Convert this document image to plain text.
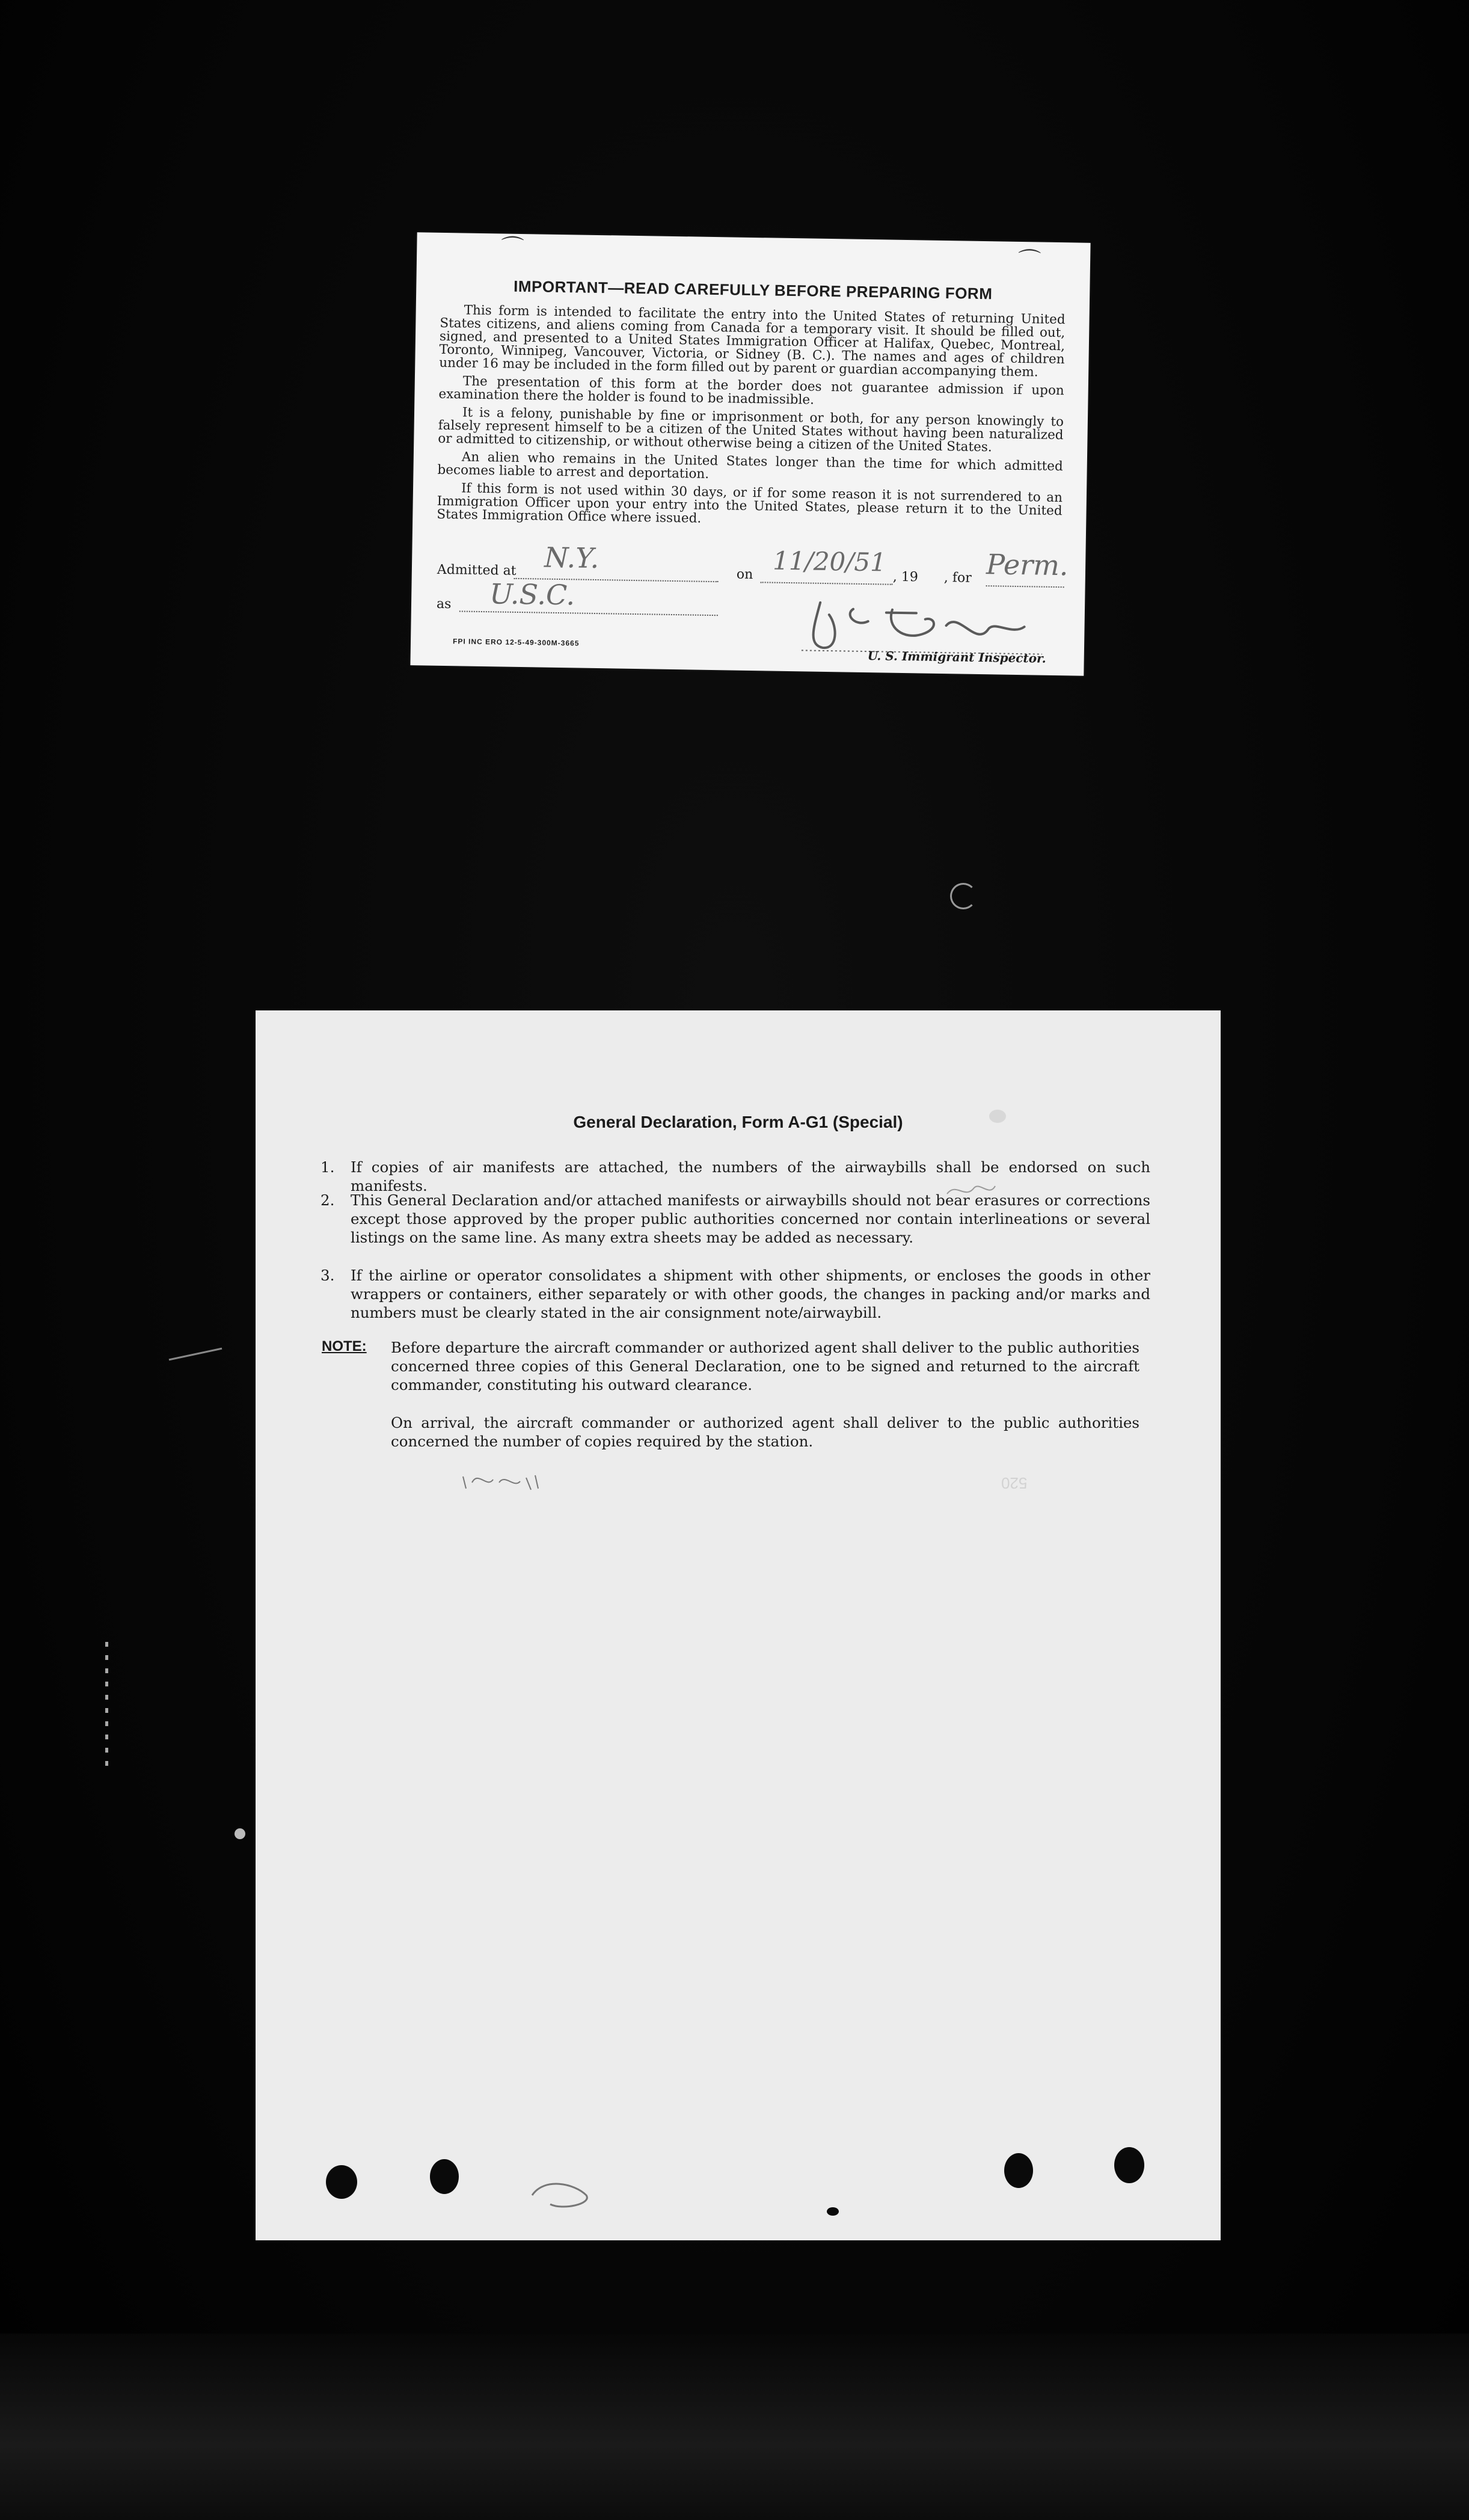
⌒	⌒
IMPORTANT—READ CAREFULLY BEFORE PREPARING FORM

This form is intended to facilitate the entry into the United States of returning United States citizens, and aliens coming from Canada for a temporary visit. It should be filled out, signed, and presented to a United States Immigration Officer at Halifax, Quebec, Montreal, Toronto, Winnipeg, Vancouver, Victoria, or Sidney (B. C.). The names and ages of children under 16 may be included in the form filled out by parent or guardian accompanying them.

The presentation of this form at the border does not guarantee admission if upon examination there the holder is found to be inadmissible.

It is a felony, punishable by fine or imprisonment or both, for any person knowingly to falsely represent himself to be a citizen of the United States without having been naturalized or admitted to citizenship, or without otherwise being a citizen of the United States.

An alien who remains in the United States longer than the time for which admitted becomes liable to arrest and deportation.

If this form is not used within 30 days, or if for some reason it is not surrendered to an Immigration Officer upon your entry into the United States, please return it to the United States Immigration Office where issued.

Admitted at N.Y.
on 11/20/51
, 19 , for Perm.
as U.S.C.
U. S. Immigrant Inspector.
FPI INC ERO 12-5-49-300M-3665
General Declaration, Form A-G1 (Special)
1. If copies of air manifests are attached, the numbers of the airwaybills shall be endorsed on such manifests.
2. This General Declaration and/or attached manifests or airwaybills should not bear erasures or corrections except those approved by the proper public authorities concerned nor contain interlineations or several listings on the same line. As many extra sheets may be added as necessary.
3. If the airline or operator consolidates a shipment with other shipments, or encloses the goods in other wrappers or containers, either separately or with other goods, the changes in packing and/or marks and numbers must be clearly stated in the air consignment note/airwaybill.
NOTE: Before departure the aircraft commander or authorized agent shall deliver to the public authorities concerned three copies of this General Declaration, one to be signed and returned to the aircraft commander, constituting his outward clearance.
On arrival, the aircraft commander or authorized agent shall deliver to the public authorities concerned the number of copies required by the station.
520
